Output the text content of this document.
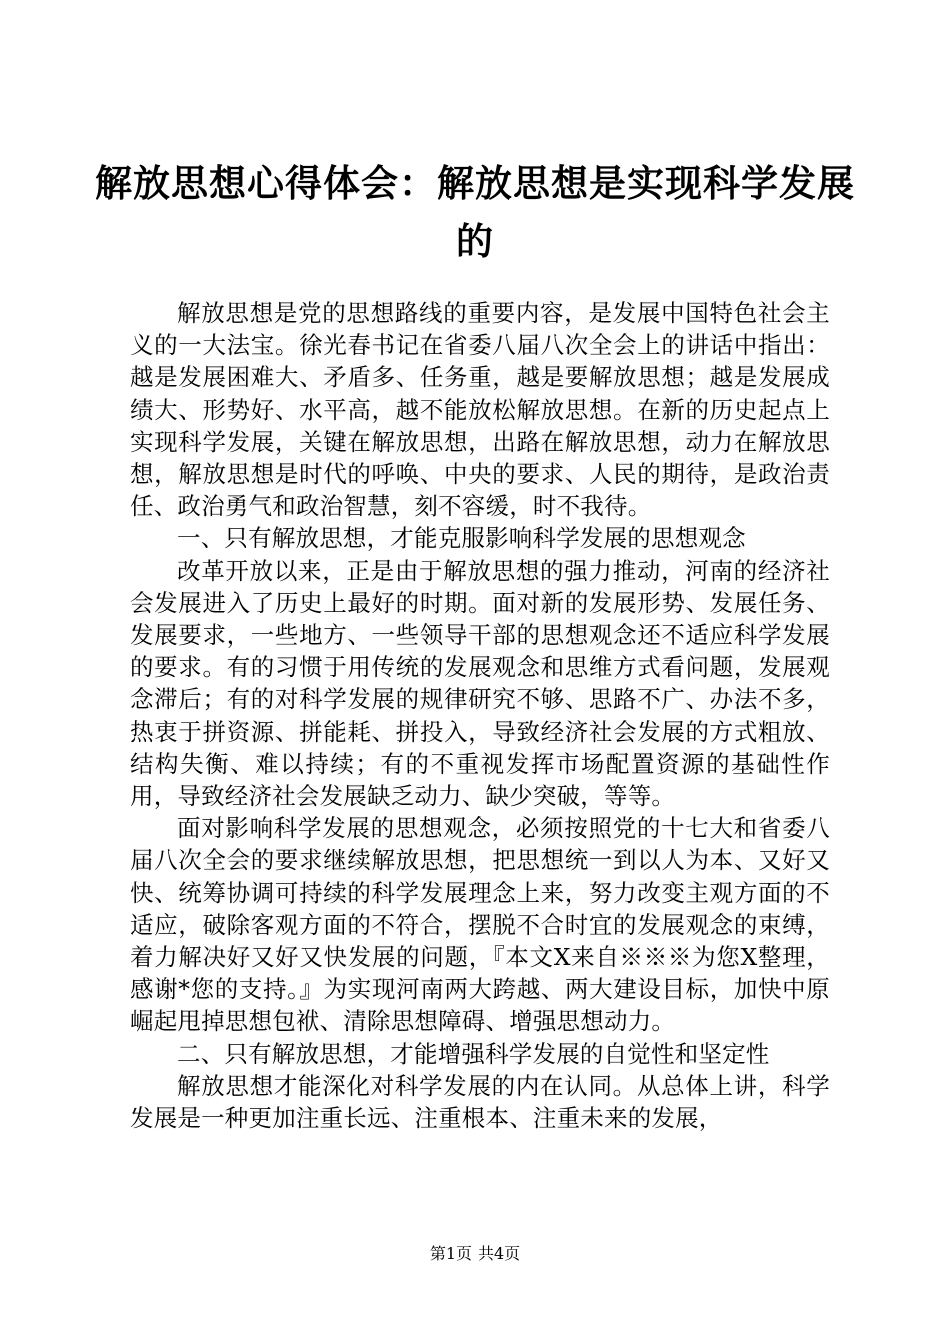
解放思想心得体会：解放思想是实现科学发展
的

解放思想是党的思想路线的重要内容，是发展中国特色社会主义的一大法宝。徐光春书记在省委八届八次全会上的讲话中指出：越是发展困难大、矛盾多、任务重，越是要解放思想；越是发展成绩大、形势好、水平高，越不能放松解放思想。在新的历史起点上实现科学发展，关键在解放思想，出路在解放思想，动力在解放思想，解放思想是时代的呼唤、中央的要求、人民的期待，是政治责任、政治勇气和政治智慧，刻不容缓，时不我待。

一、只有解放思想，才能克服影响科学发展的思想观念

改革开放以来，正是由于解放思想的强力推动，河南的经济社会发展进入了历史上最好的时期。面对新的发展形势、发展任务、发展要求，一些地方、一些领导干部的思想观念还不适应科学发展的要求。有的习惯于用传统的发展观念和思维方式看问题，发展观念滞后；有的对科学发展的规律研究不够、思路不广、办法不多，热衷于拼资源、拼能耗、拼投入，导致经济社会发展的方式粗放、结构失衡、难以持续；有的不重视发挥市场配置资源的基础性作用，导致经济社会发展缺乏动力、缺少突破，等等。

面对影响科学发展的思想观念，必须按照党的十七大和省委八届八次全会的要求继续解放思想，把思想统一到以人为本、又好又快、统筹协调可持续的科学发展理念上来，努力改变主观方面的不适应，破除客观方面的不符合，摆脱不合时宜的发展观念的束缚，着力解决好又好又快发展的问题，『本文X来自※※※为您X整理，感谢*您的支持。』为实现河南两大跨越、两大建设目标，加快中原崛起甩掉思想包袱、清除思想障碍、增强思想动力。

二、只有解放思想，才能增强科学发展的自觉性和坚定性

解放思想才能深化对科学发展的内在认同。从总体上讲，科学发展是一种更加注重长远、注重根本、注重未来的发展，

第1页 共4页
